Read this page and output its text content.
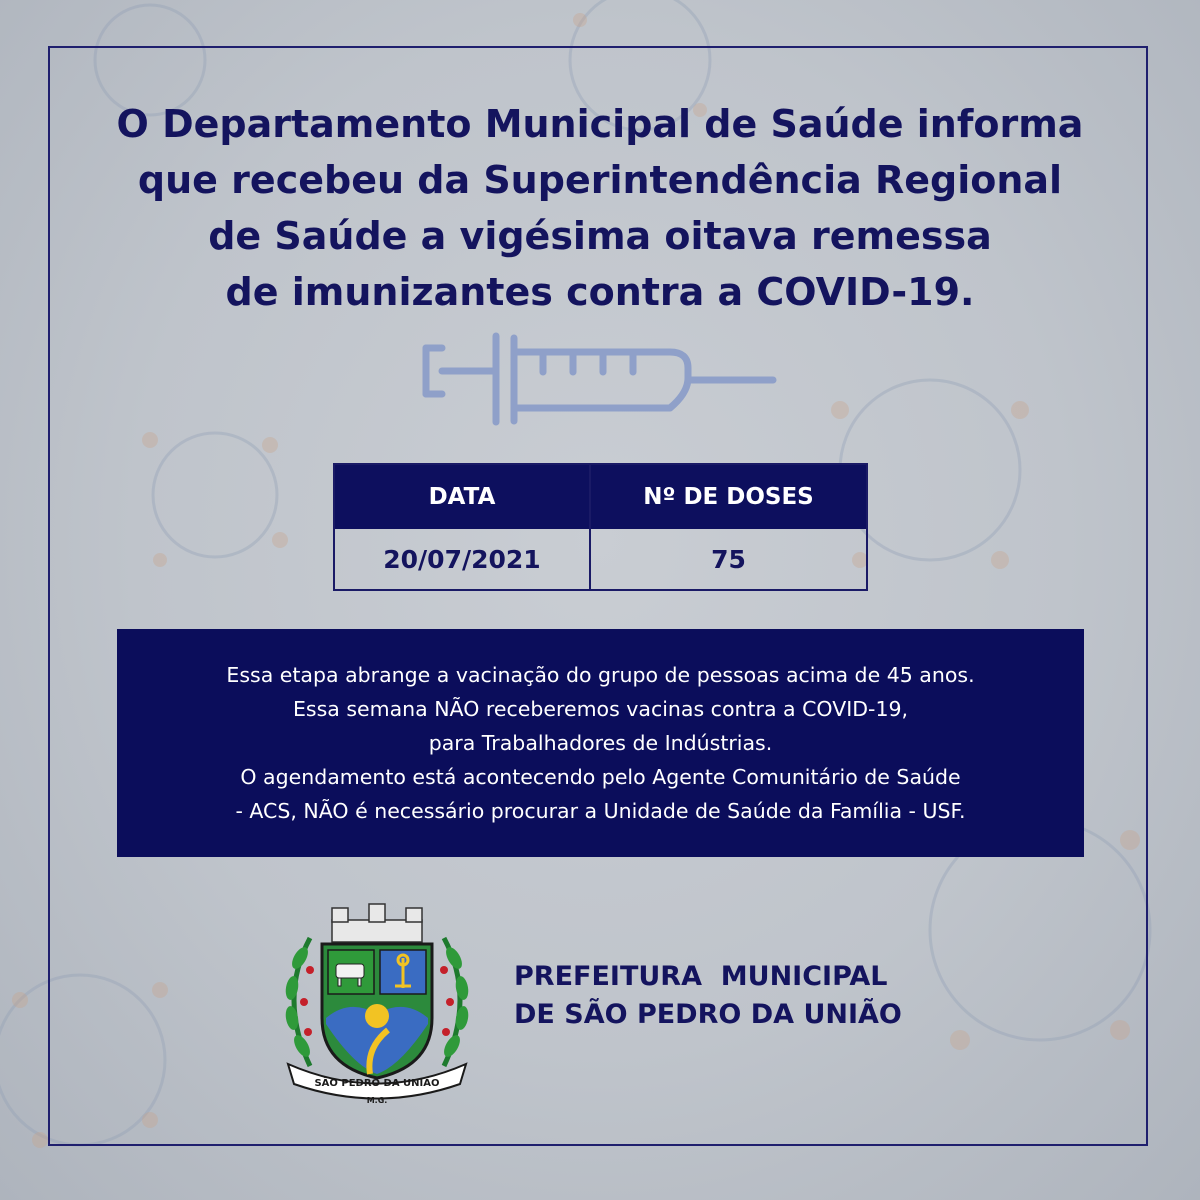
O Departamento Municipal de Saúde informa
que recebeu da Superintendência Regional
de Saúde a vigésima oitava remessa
de imunizantes contra a COVID-19.
DATA	Nº DE DOSES
20/07/2021	75
Essa etapa abrange a vacinação do grupo de pessoas acima de 45 anos.
Essa semana NÃO receberemos vacinas contra a COVID-19,
para Trabalhadores de Indústrias.
O agendamento está acontecendo pelo Agente Comunitário de Saúde
- ACS, NÃO é necessário procurar a Unidade de Saúde da Família - USF.
SÃO PEDRO DA UNIÃO
M.G.
PREFEITURA  MUNICIPAL
DE SÃO PEDRO DA UNIÃO
